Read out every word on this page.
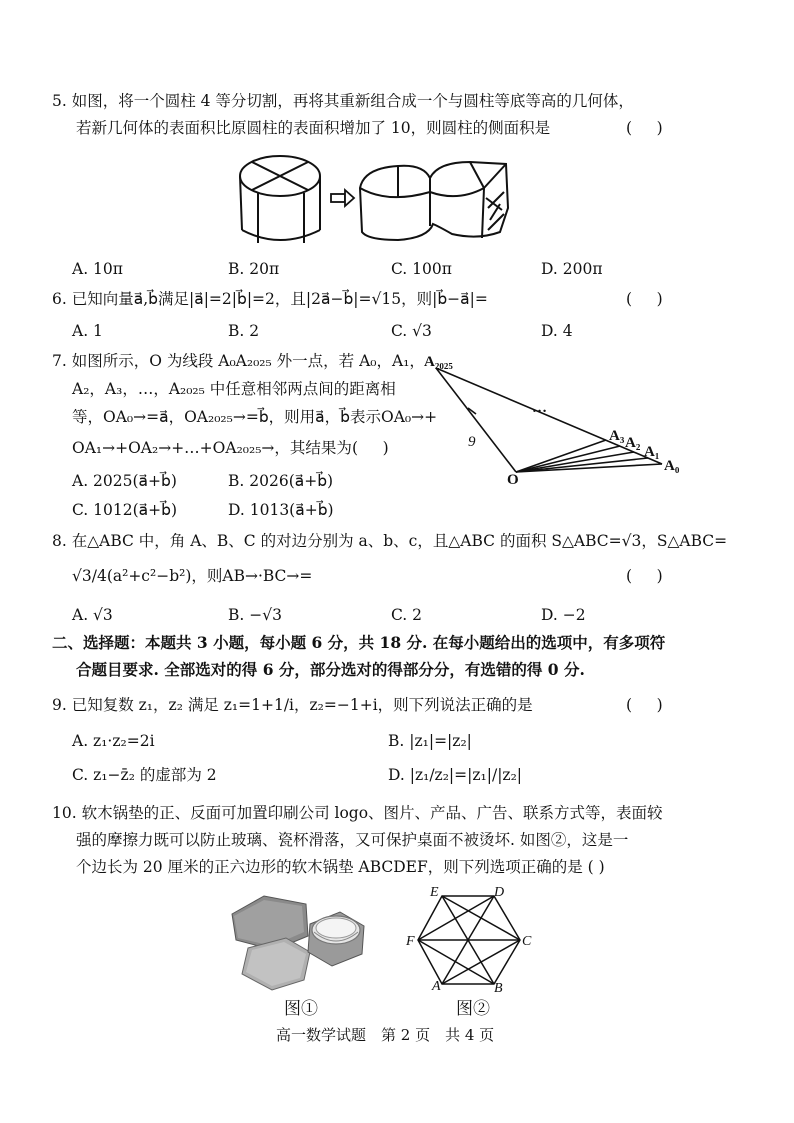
5. 如图，将一个圆柱 4 等分切割，再将其重新组合成一个与圆柱等底等高的几何体，
若新几何体的表面积比原圆柱的表面积增加了 10，则圆柱的侧面积是	(     )
A. 10π	B. 20π	C. 100π	D. 200π
6. 已知向量a⃗,b⃗满足|a⃗|=2|b⃗|=2，且|2a⃗−b⃗|=√15，则|b⃗−a⃗|=	(     )
A. 1	B. 2	C. √3	D. 4
7. 如图所示，O 为线段 A₀A₂₀₂₅ 外一点，若 A₀，A₁，
A₂，A₃，…，A₂₀₂₅ 中任意相邻两点间的距离相
等，OA₀→=a⃗，OA₂₀₂₅→=b⃗，则用a⃗，b⃗表示OA₀→+
OA₁→+OA₂→+…+OA₂₀₂₅→，其结果为 (     )
A. 2025(a⃗+b⃗)	B. 2026(a⃗+b⃗)
C. 1012(a⃗+b⃗)	D. 1013(a⃗+b⃗)
A₂₀₂₅
…
A₃ A₂
A₁
A₀
O
9
8. 在△ABC 中，角 A、B、C 的对边分别为 a、b、c，且△ABC 的面积 S△ABC=√3，S△ABC=
√3/4(a²+c²−b²)，则AB→·BC→=	(     )
A. √3	B. −√3	C. 2	D. −2
二、选择题：本题共 3 小题，每小题 6 分，共 18 分. 在每小题给出的选项中，有多项符
合题目要求. 全部选对的得 6 分，部分选对的得部分分，有选错的得 0 分.
9. 已知复数 z₁，z₂ 满足 z₁=1+1/i，z₂=−1+i，则下列说法正确的是	(     )
A. z₁·z₂=2i	B. |z₁|=|z₂|
C. z₁−z̄₂ 的虚部为 2	D. |z₁/z₂|=|z₁|/|z₂|
10. 软木锅垫的正、反面可加置印刷公司 logo、图片、产品、广告、联系方式等，表面较
强的摩擦力既可以防止玻璃、瓷杯滑落，又可保护桌面不被烫坏. 如图②，这是一
个边长为 20 厘米的正六边形的软木锅垫 ABCDEF，则下列选项正确的是 ( )
图①
E	D
F	C
A	B
图②
高一数学试题　第 2 页　共 4 页
